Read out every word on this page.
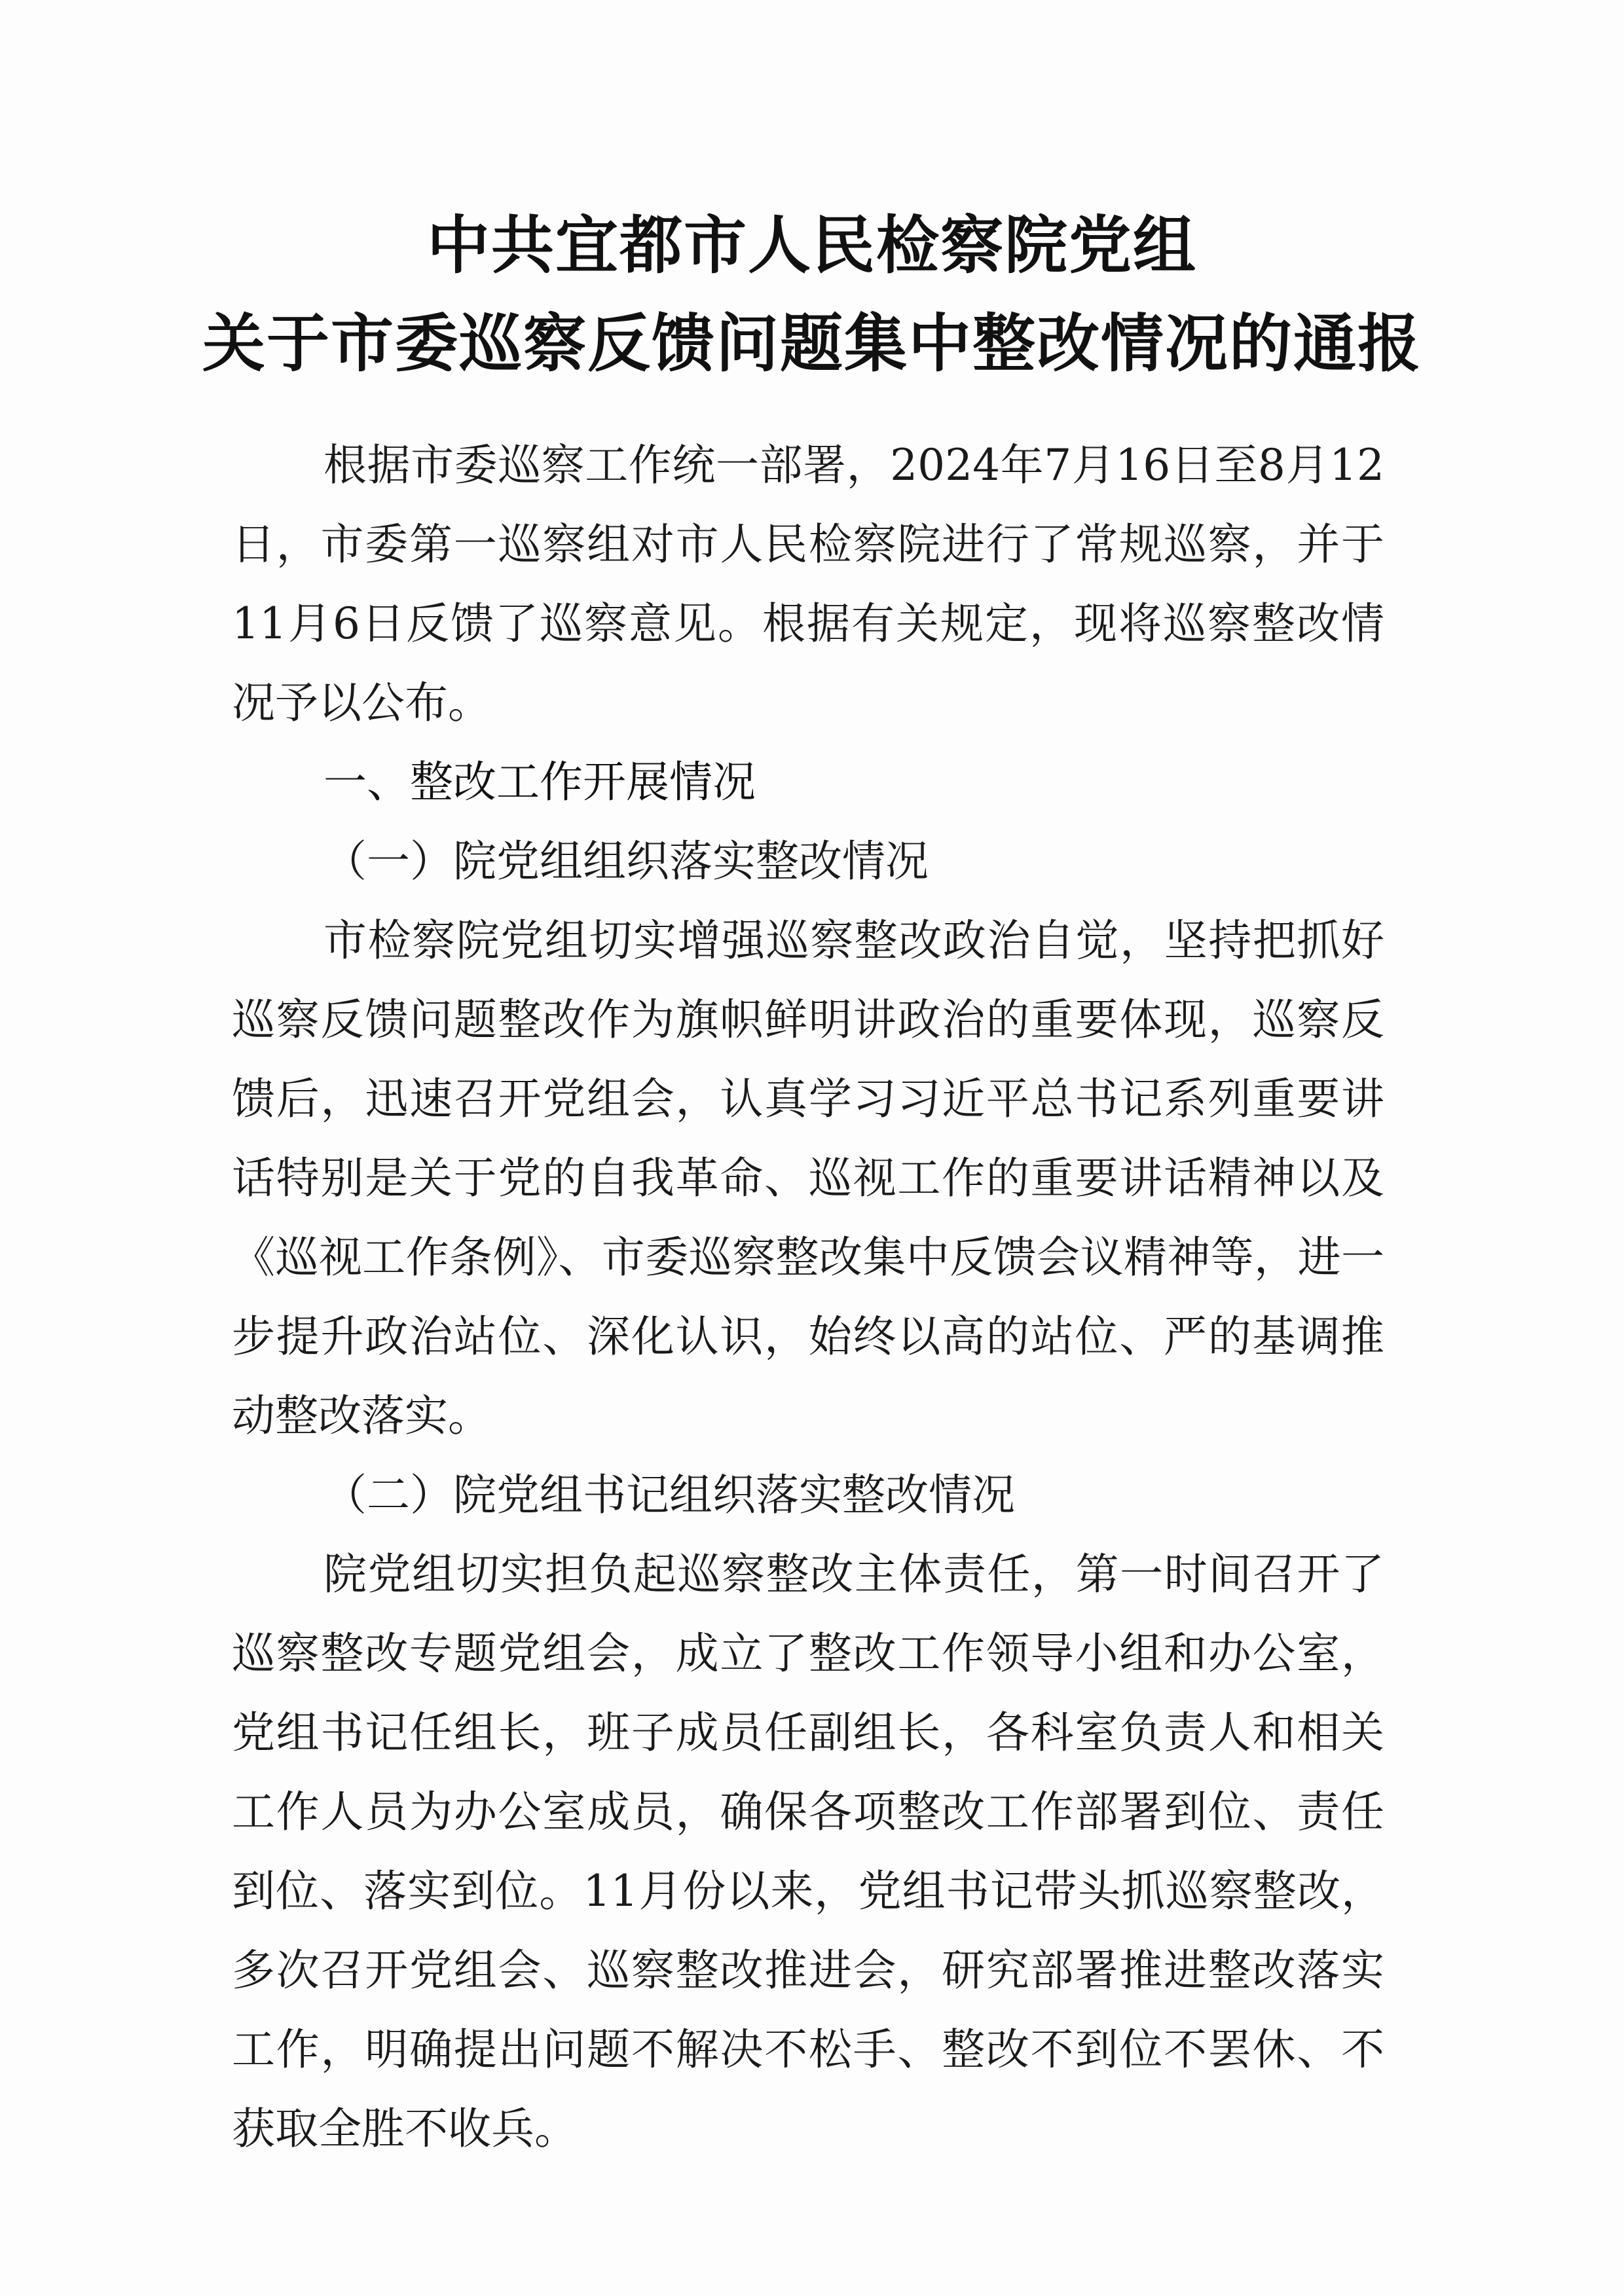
中共宜都市人民检察院党组
关于市委巡察反馈问题集中整改情况的通报

根据市委巡察工作统一部署，2024年7月16日至8月12日，市委第一巡察组对市人民检察院进行了常规巡察，并于11月6日反馈了巡察意见。根据有关规定，现将巡察整改情况予以公布。

一、整改工作开展情况

（一）院党组组织落实整改情况

市检察院党组切实增强巡察整改政治自觉，坚持把抓好巡察反馈问题整改作为旗帜鲜明讲政治的重要体现，巡察反馈后，迅速召开党组会，认真学习习近平总书记系列重要讲话特别是关于党的自我革命、巡视工作的重要讲话精神以及《巡视工作条例》、市委巡察整改集中反馈会议精神等，进一步提升政治站位、深化认识，始终以高的站位、严的基调推动整改落实。

（二）院党组书记组织落实整改情况

院党组切实担负起巡察整改主体责任，第一时间召开了巡察整改专题党组会，成立了整改工作领导小组和办公室，党组书记任组长，班子成员任副组长，各科室负责人和相关工作人员为办公室成员，确保各项整改工作部署到位、责任到位、落实到位。11月份以来，党组书记带头抓巡察整改，多次召开党组会、巡察整改推进会，研究部署推进整改落实工作，明确提出问题不解决不松手、整改不到位不罢休、不获取全胜不收兵。
